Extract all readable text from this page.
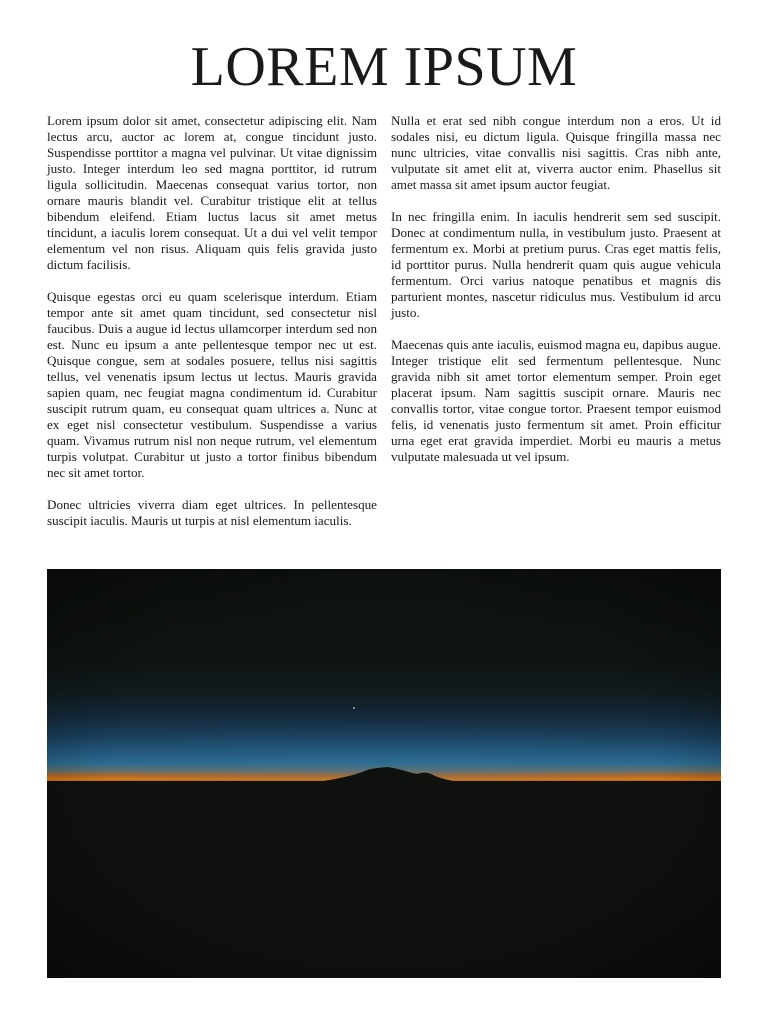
LOREM IPSUM

Lorem ipsum dolor sit amet, consectetur adipiscing elit. Nam lectus arcu, auctor ac lorem at, congue tincidunt justo. Suspendisse porttitor a magna vel pulvinar. Ut vitae dignissim justo. Integer interdum leo sed magna porttitor, id rutrum ligula sollicitudin. Maecenas consequat varius tortor, non ornare mauris blandit vel. Curabitur tristique elit at tellus bibendum eleifend. Etiam luctus lacus sit amet metus tincidunt, a iaculis lorem consequat. Ut a dui vel velit tempor elementum vel non risus. Aliquam quis felis gravida justo dictum facilisis.

Quisque egestas orci eu quam scelerisque interdum. Etiam tempor ante sit amet quam tincidunt, sed consectetur nisl faucibus. Duis a augue id lectus ullamcorper interdum sed non est. Nunc eu ipsum a ante pellentesque tempor nec ut est. Quisque congue, sem at sodales posuere, tellus nisi sagittis tellus, vel venenatis ipsum lectus ut lectus. Mauris gravida sapien quam, nec feugiat magna condimentum id. Curabitur suscipit rutrum quam, eu consequat quam ultrices a. Nunc at ex eget nisl consectetur vestibulum. Suspendisse a varius quam. Vivamus rutrum nisl non neque rutrum, vel elementum turpis volutpat. Curabitur ut justo a tortor finibus bibendum nec sit amet tortor.

Donec ultricies viverra diam eget ultrices. In pellentesque suscipit iaculis. Mauris ut turpis at nisl elementum iaculis.

Nulla et erat sed nibh congue interdum non a eros. Ut id sodales nisi, eu dictum ligula. Quisque fringilla massa nec nunc ultricies, vitae convallis nisi sagittis. Cras nibh ante, vulputate sit amet elit at, viverra auctor enim. Phasellus sit amet massa sit amet ipsum auctor feugiat.

In nec fringilla enim. In iaculis hendrerit sem sed suscipit. Donec at condimentum nulla, in vestibulum justo. Praesent at fermentum ex. Morbi at pretium purus. Cras eget mattis felis, id porttitor purus. Nulla hendrerit quam quis augue vehicula fermentum. Orci varius natoque penatibus et magnis dis parturient montes, nascetur ridiculus mus. Vestibulum id arcu justo.

Maecenas quis ante iaculis, euismod magna eu, dapibus augue. Integer tristique elit sed fermentum pellentesque. Nunc gravida nibh sit amet tortor elementum semper. Proin eget placerat ipsum. Nam sagittis suscipit ornare. Mauris nec convallis tortor, vitae congue tortor. Praesent tempor euismod felis, id venenatis justo fermentum sit amet. Proin efficitur urna eget erat gravida imperdiet. Morbi eu mauris a metus vulputate malesuada ut vel ipsum.
